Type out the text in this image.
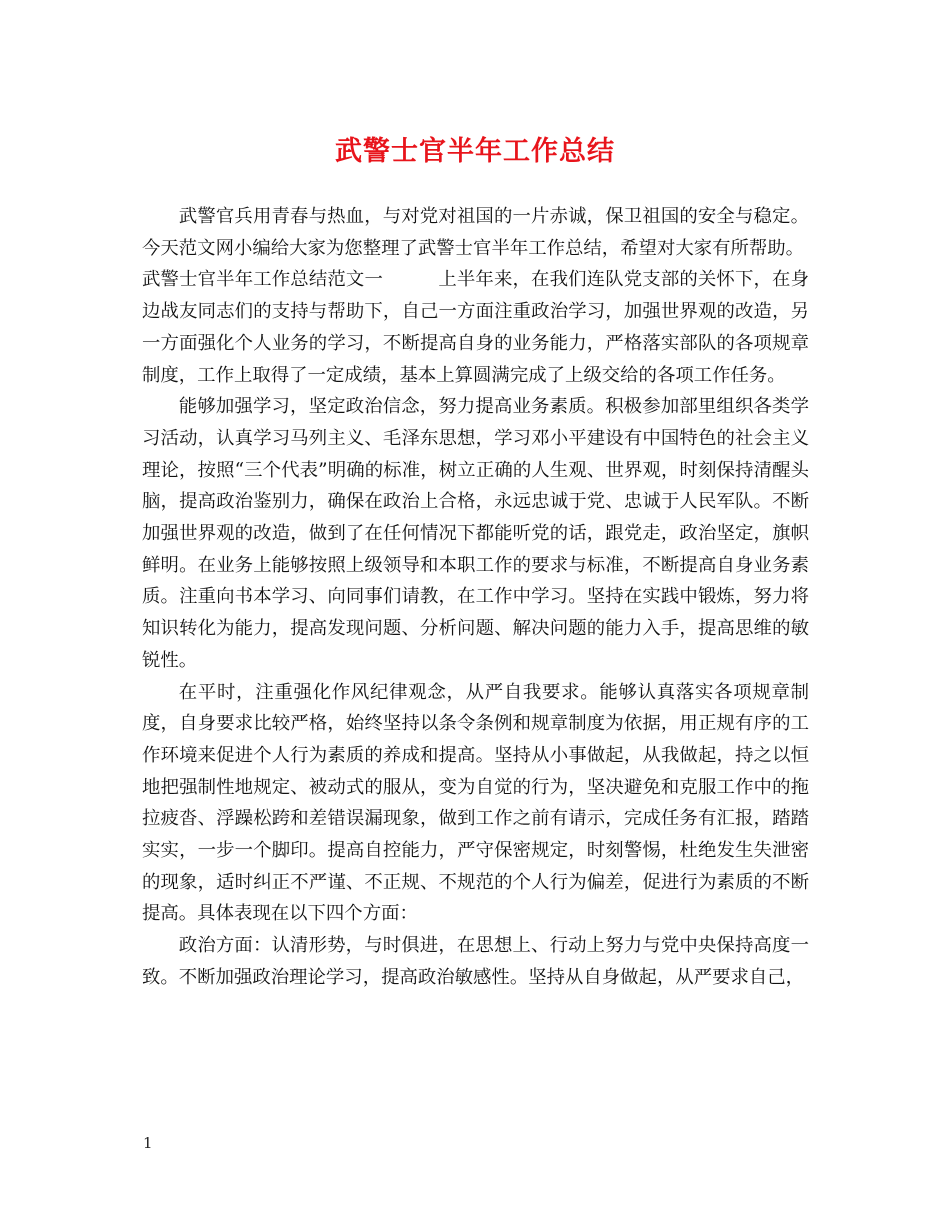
武警士官半年工作总结

武警官兵用青春与热血，与对党对祖国的一片赤诚，保卫祖国的安全与稳定。今天范文网小编给大家为您整理了武警士官半年工作总结，希望对大家有所帮助。

武警士官半年工作总结范文一	上半年来，在我们连队党支部的关怀下，在身边战友同志们的支持与帮助下，自己一方面注重政治学习，加强世界观的改造，另一方面强化个人业务的学习，不断提高自身的业务能力，严格落实部队的各项规章制度，工作上取得了一定成绩，基本上算圆满完成了上级交给的各项工作任务。

能够加强学习，坚定政治信念，努力提高业务素质。积极参加部里组织各类学习活动，认真学习马列主义、毛泽东思想，学习邓小平建设有中国特色的社会主义理论，按照“三个代表”明确的标准，树立正确的人生观、世界观，时刻保持清醒头脑，提高政治鉴别力，确保在政治上合格，永远忠诚于党、忠诚于人民军队。不断加强世界观的改造，做到了在任何情况下都能听党的话，跟党走，政治坚定，旗帜鲜明。在业务上能够按照上级领导和本职工作的要求与标准，不断提高自身业务素质。注重向书本学习、向同事们请教，在工作中学习。坚持在实践中锻炼，努力将知识转化为能力，提高发现问题、分析问题、解决问题的能力入手，提高思维的敏锐性。

在平时，注重强化作风纪律观念，从严自我要求。能够认真落实各项规章制度，自身要求比较严格，始终坚持以条令条例和规章制度为依据，用正规有序的工作环境来促进个人行为素质的养成和提高。坚持从小事做起，从我做起，持之以恒地把强制性地规定、被动式的服从，变为自觉的行为，坚决避免和克服工作中的拖拉疲沓、浮躁松跨和差错误漏现象，做到工作之前有请示，完成任务有汇报，踏踏实实，一步一个脚印。提高自控能力，严守保密规定，时刻警惕，杜绝发生失泄密的现象，适时纠正不严谨、不正规、不规范的个人行为偏差，促进行为素质的不断提高。具体表现在以下四个方面：

政治方面：认清形势，与时俱进，在思想上、行动上努力与党中央保持高度一致。不断加强政治理论学习，提高政治敏感性。坚持从自身做起，从严要求自己，

1
